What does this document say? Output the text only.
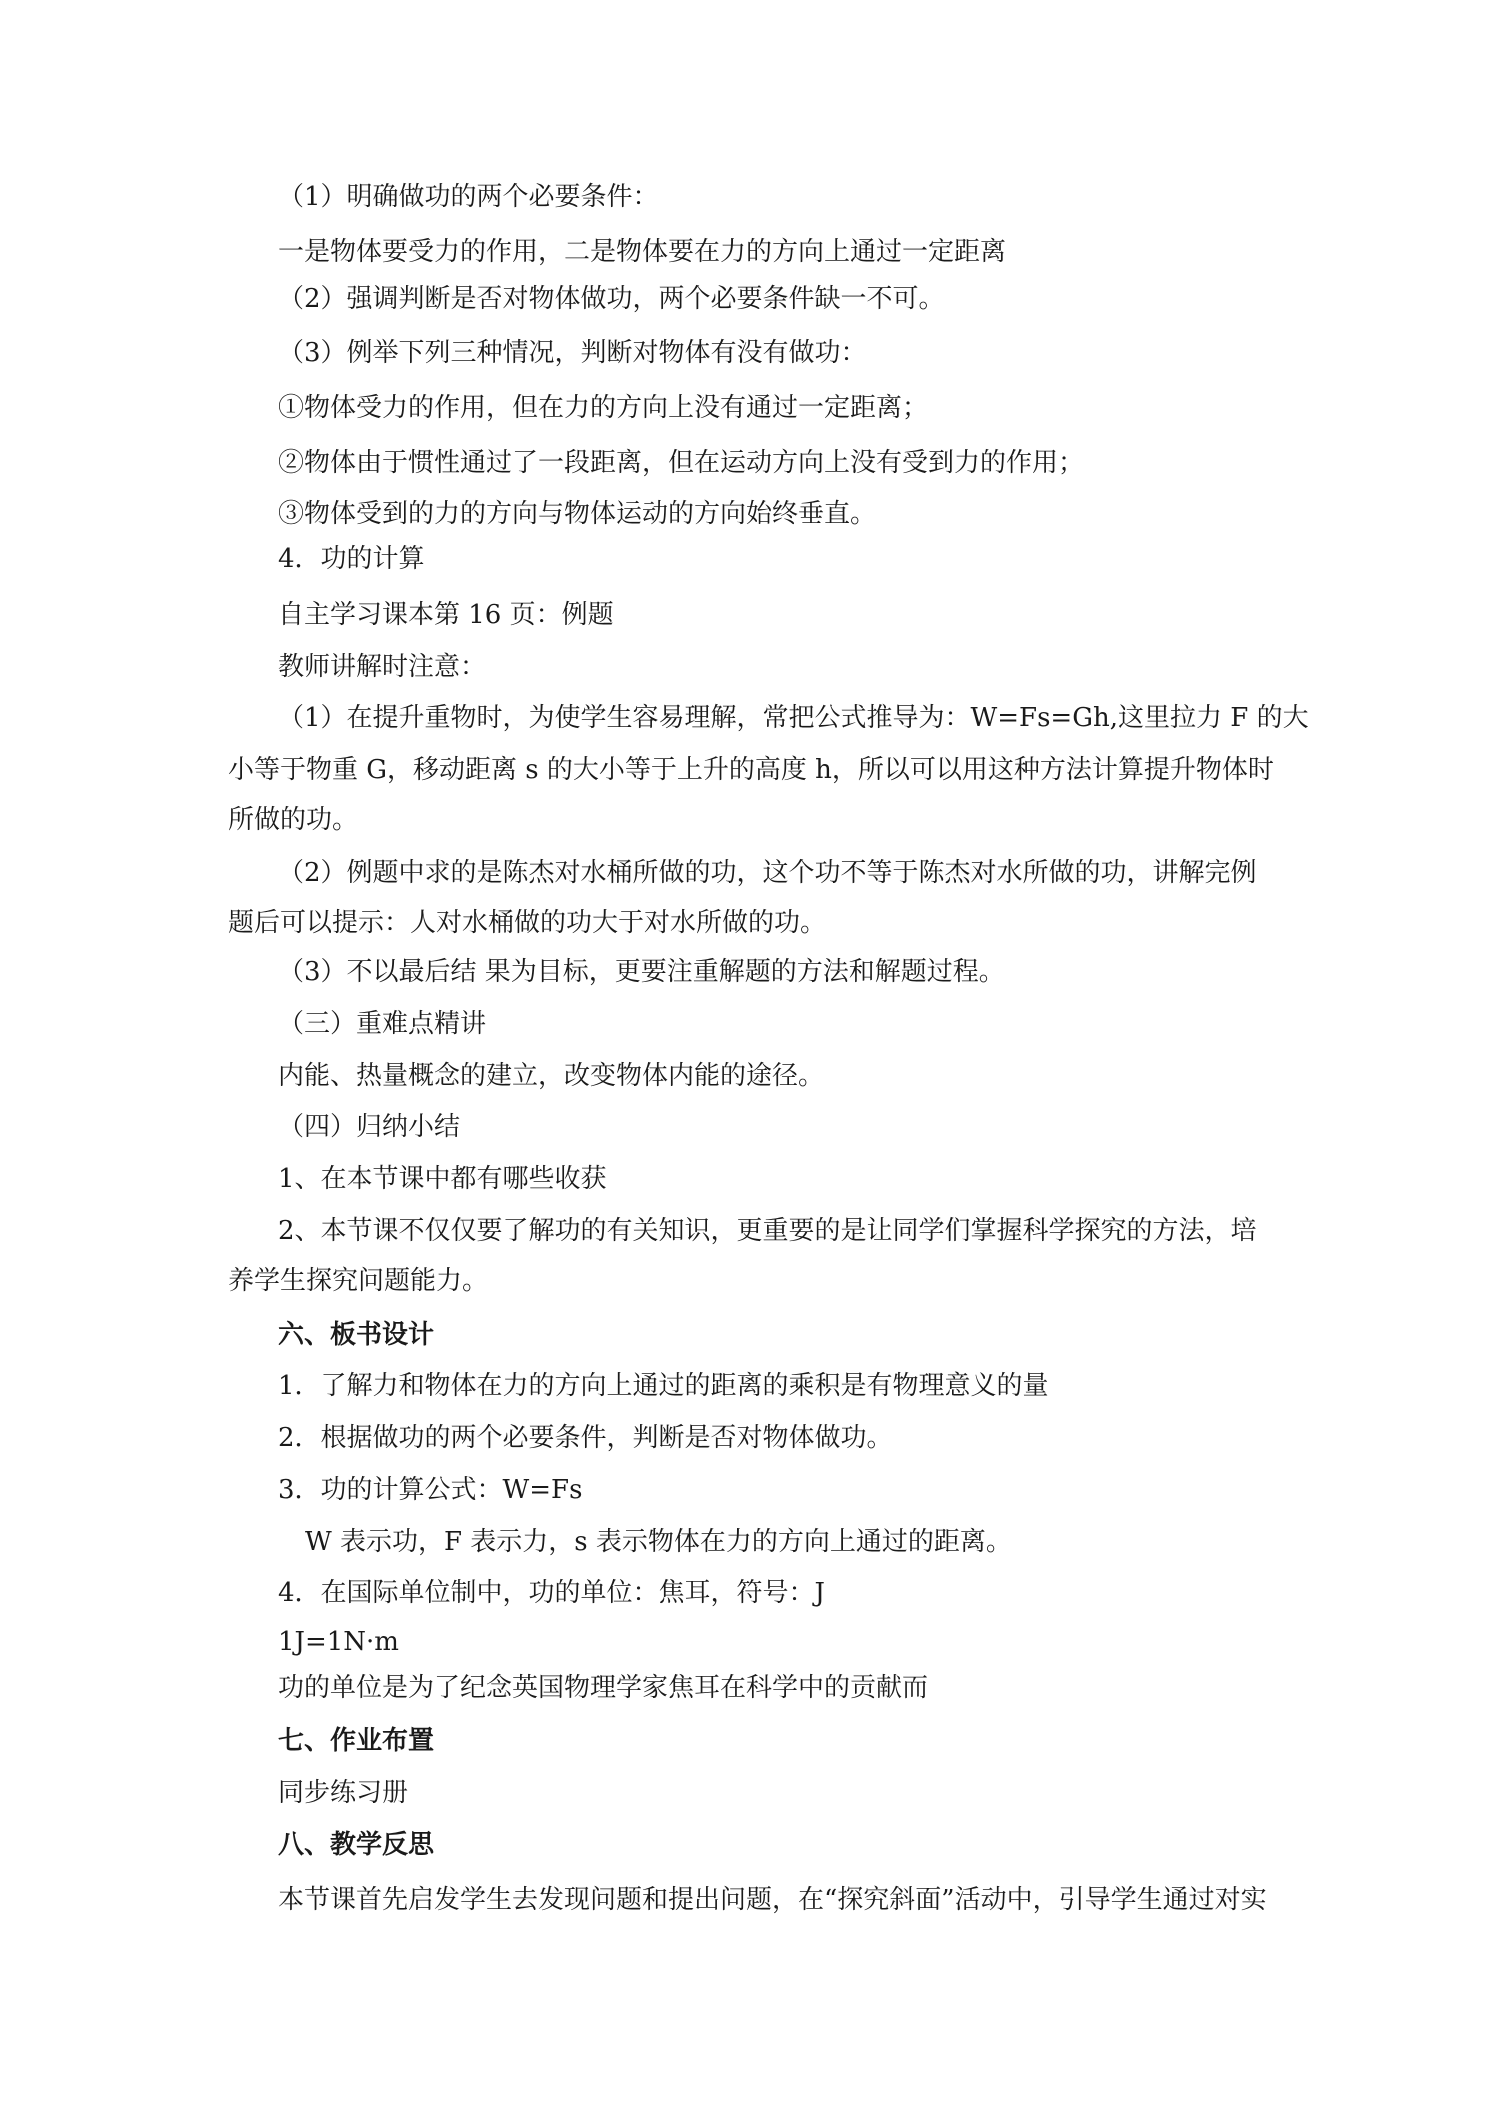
（1）明确做功的两个必要条件：
一是物体要受力的作用，二是物体要在力的方向上通过一定距离
（2）强调判断是否对物体做功，两个必要条件缺一不可。
（3）例举下列三种情况，判断对物体有没有做功：
①物体受力的作用，但在力的方向上没有通过一定距离；
②物体由于惯性通过了一段距离，但在运动方向上没有受到力的作用；
③物体受到的力的方向与物体运动的方向始终垂直。
4．功的计算
自主学习课本第 16 页：例题
教师讲解时注意：
（1）在提升重物时，为使学生容易理解，常把公式推导为：W=Fs=Gh,这里拉力 F 的大
小等于物重 G，移动距离 s 的大小等于上升的高度 h，所以可以用这种方法计算提升物体时
所做的功。
（2）例题中求的是陈杰对水桶所做的功，这个功不等于陈杰对水所做的功，讲解完例
题后可以提示：人对水桶做的功大于对水所做的功。
（3）不以最后结 果为目标，更要注重解题的方法和解题过程。
（三）重难点精讲
内能、热量概念的建立，改变物体内能的途径。
（四）归纳小结
1、在本节课中都有哪些收获
2、本节课不仅仅要了解功的有关知识，更重要的是让同学们掌握科学探究的方法，培
养学生探究问题能力。
六、板书设计
1．了解力和物体在力的方向上通过的距离的乘积是有物理意义的量
2．根据做功的两个必要条件，判断是否对物体做功。
3．功的计算公式：W=Fs
W 表示功，F 表示力，s 表示物体在力的方向上通过的距离。
4．在国际单位制中，功的单位：焦耳，符号：J
1J=1N·m
功的单位是为了纪念英国物理学家焦耳在科学中的贡献而
七、作业布置
同步练习册
八、教学反思
本节课首先启发学生去发现问题和提出问题，在“探究斜面”活动中，引导学生通过对实
